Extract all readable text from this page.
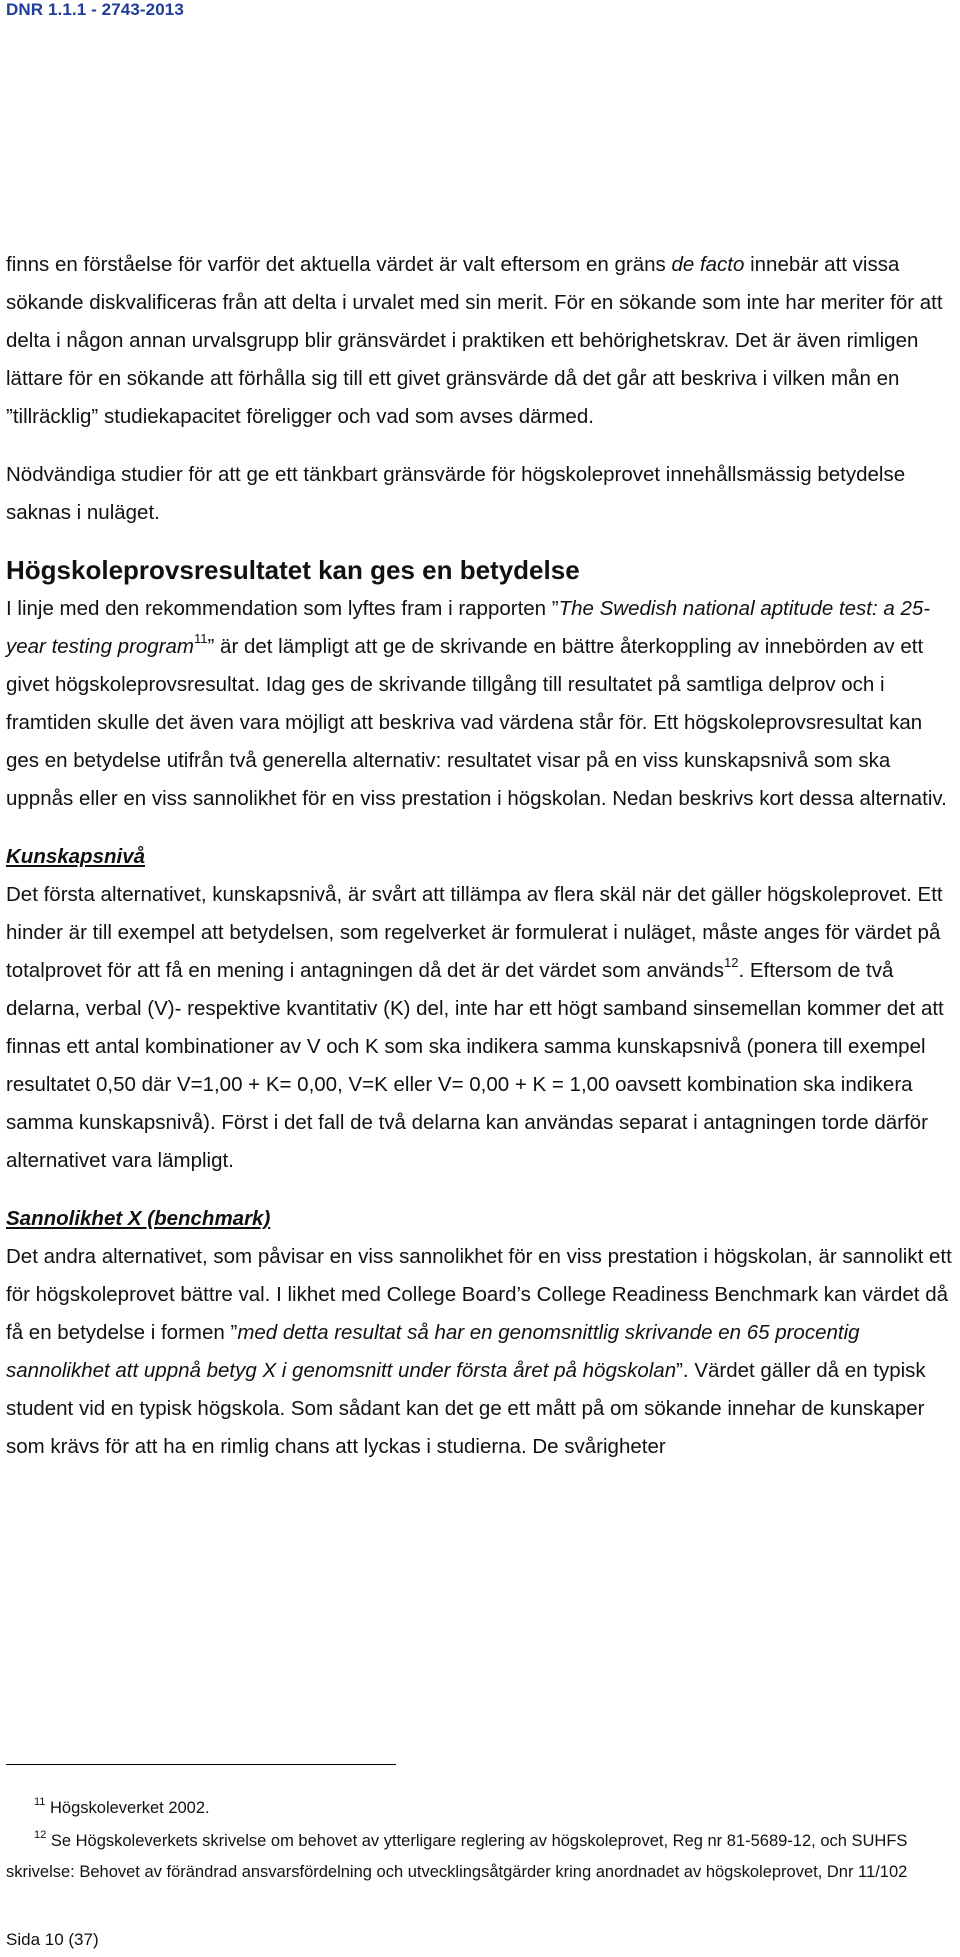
DNR 1.1.1 - 2743-2013

finns en förståelse för varför det aktuella värdet är valt eftersom en gräns de facto innebär att vissa sökande diskvalificeras från att delta i urvalet med sin merit. För en sökande som inte har meriter för att delta i någon annan urvalsgrupp blir gränsvärdet i praktiken ett behörighetskrav. Det är även rimligen lättare för en sökande att förhålla sig till ett givet gränsvärde då det går att beskriva i vilken mån en ”tillräcklig” studiekapacitet föreligger och vad som avses därmed.

Nödvändiga studier för att ge ett tänkbart gränsvärde för högskoleprovet innehållsmässig betydelse saknas i nuläget.

Högskoleprovsresultatet kan ges en betydelse

I linje med den rekommendation som lyftes fram i rapporten ”The Swedish national aptitude test: a 25-year testing program$^{11}$” är det lämpligt att ge de skrivande en bättre återkoppling av innebörden av ett givet högskoleprovsresultat. Idag ges de skrivande tillgång till resultatet på samtliga delprov och i framtiden skulle det även vara möjligt att beskriva vad värdena står för. Ett högskoleprovsresultat kan ges en betydelse utifrån två generella alternativ: resultatet visar på en viss kunskapsnivå som ska uppnås eller en viss sannolikhet för en viss prestation i högskolan. Nedan beskrivs kort dessa alternativ.

Kunskapsnivå

Det första alternativet, kunskapsnivå, är svårt att tillämpa av flera skäl när det gäller högskoleprovet. Ett hinder är till exempel att betydelsen, som regelverket är formulerat i nuläget, måste anges för värdet på totalprovet för att få en mening i antagningen då det är det värdet som används$^{12}$. Eftersom de två delarna, verbal (V)- respektive kvantitativ (K) del, inte har ett högt samband sinsemellan kommer det att finnas ett antal kombinationer av V och K som ska indikera samma kunskapsnivå (ponera till exempel resultatet 0,50 där V=1,00 + K= 0,00, V=K eller V= 0,00 + K = 1,00 oavsett kombination ska indikera samma kunskapsnivå). Först i det fall de två delarna kan användas separat i antagningen torde därför alternativet vara lämpligt.

Sannolikhet X (benchmark)

Det andra alternativet, som påvisar en viss sannolikhet för en viss prestation i högskolan, är sannolikt ett för högskoleprovet bättre val. I likhet med College Board’s College Readiness Benchmark kan värdet då få en betydelse i formen ”med detta resultat så har en genomsnittlig skrivande en 65 procentig sannolikhet att uppnå betyg X i genomsnitt under första året på högskolan”. Värdet gäller då en typisk student vid en typisk högskola. Som sådant kan det ge ett mått på om sökande innehar de kunskaper som krävs för att ha en rimlig chans att lyckas i studierna. De svårigheter

$^{11}$ Högskoleverket 2002.
$^{12}$ Se Högskoleverkets skrivelse om behovet av ytterligare reglering av högskoleprovet, Reg nr 81-5689-12, och SUHFS skrivelse: Behovet av förändrad ansvarsfördelning och utvecklingsåtgärder kring anordnadet av högskoleprovet, Dnr 11/102
Sida 10 (37)
